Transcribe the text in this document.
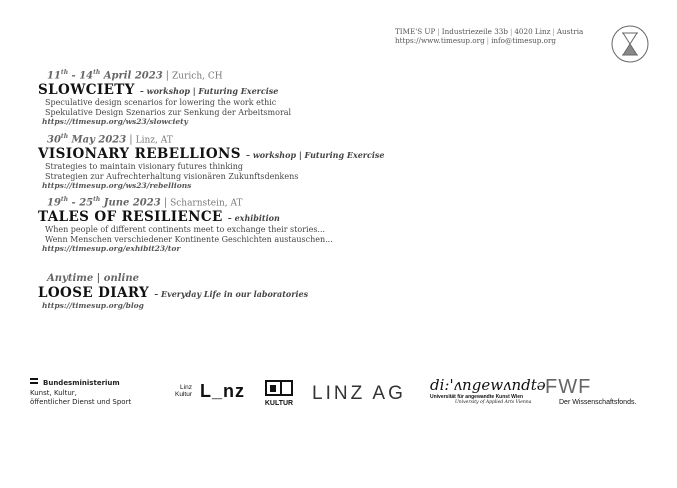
TIME'S UP | Industriezeile 33b | 4020 Linz | Austria
https://www.timesup.org | info@timesup.org
11th - 14th April 2023 | Zurich, CH
SLOWCIETY – workshop | Futuring Exercise
Speculative design scenarios for lowering the work ethic
Spekulative Design Szenarios zur Senkung der Arbeitsmoral
https://timesup.org/ws23/slowciety
30th May 2023 | Linz, AT
VISIONARY REBELLIONS – workshop | Futuring Exercise
Strategies to maintain visionary futures thinking
Strategien zur Aufrechterhaltung visionären Zukunftsdenkens
https://timesup.org/ws23/rebellions
19th - 25th June 2023 | Scharnstein, AT
TALES OF RESILIENCE – exhibition
When people of different continents meet to exchange their stories...
Wenn Menschen verschiedener Kontinente Geschichten austauschen...
https://timesup.org/exhibit23/tor
Anytime | online
LOOSE DIARY – Everyday Life in our laboratories
https://timesup.org/blog
Bundesministerium
Kunst, Kultur,
öffentlicher Dienst und Sport
Linz
Kultur L_nz
KULTUR LINZ AG di:'ʌngewʌndtə
Universität für angewandte Kunst Wien
University of Applied Arts Vienna
FWF
Der Wissenschaftsfonds.
